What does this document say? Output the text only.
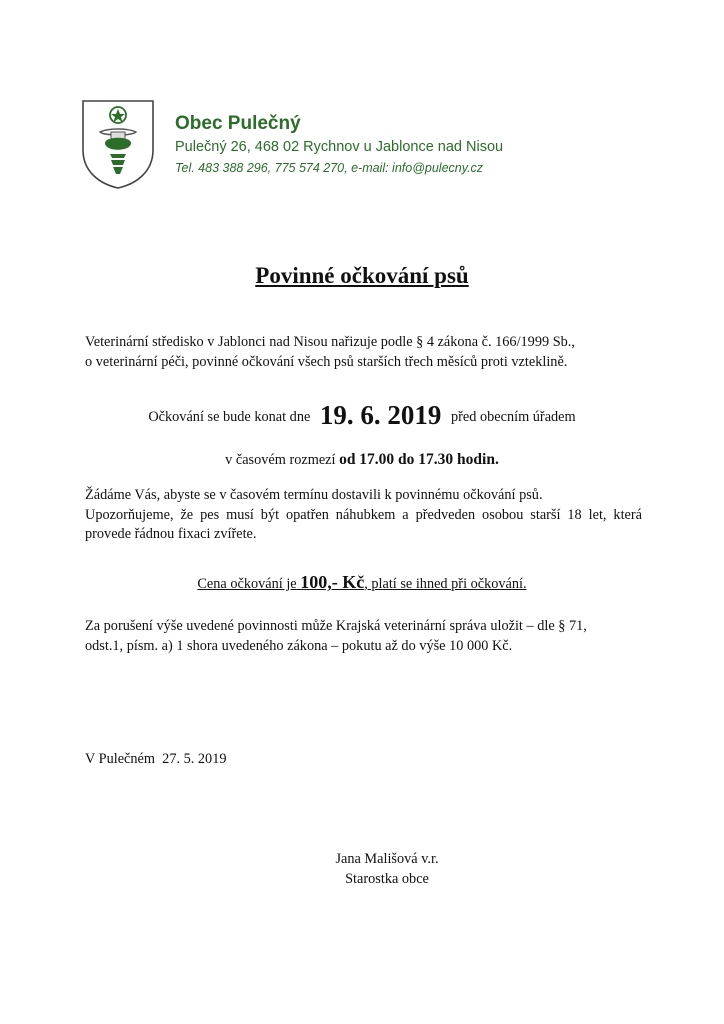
Obec Pulečný
Pulečný 26, 468 02 Rychnov u Jablonce nad Nisou
Tel. 483 388 296, 775 574 270, e-mail: info@pulecny.cz
Povinné očkování psů
Veterinární středisko v Jablonci nad Nisou nařizuje podle § 4 zákona č. 166/1999 Sb.,
o veterinární péči, povinné očkování všech psů starších třech měsíců proti vzteklině.
Očkování se bude konat dne 19. 6. 2019 před obecním úřadem
v časovém rozmezí od 17.00 do 17.30 hodin.
Žádáme Vás, abyste se v časovém termínu dostavili k povinnému očkování psů.
Upozorňujeme, že pes musí být opatřen náhubkem a předveden osobou starší 18 let, která
provede řádnou fixaci zvířete.
Cena očkování je 100,- Kč, platí se ihned při očkování.
Za porušení výše uvedené povinnosti může Krajská veterinární správa uložit – dle § 71,
odst.1, písm. a) 1 shora uvedeného zákona – pokutu až do výše 10 000 Kč.
V Pulečném  27. 5. 2019
Jana Mališová v.r.
Starostka obce
